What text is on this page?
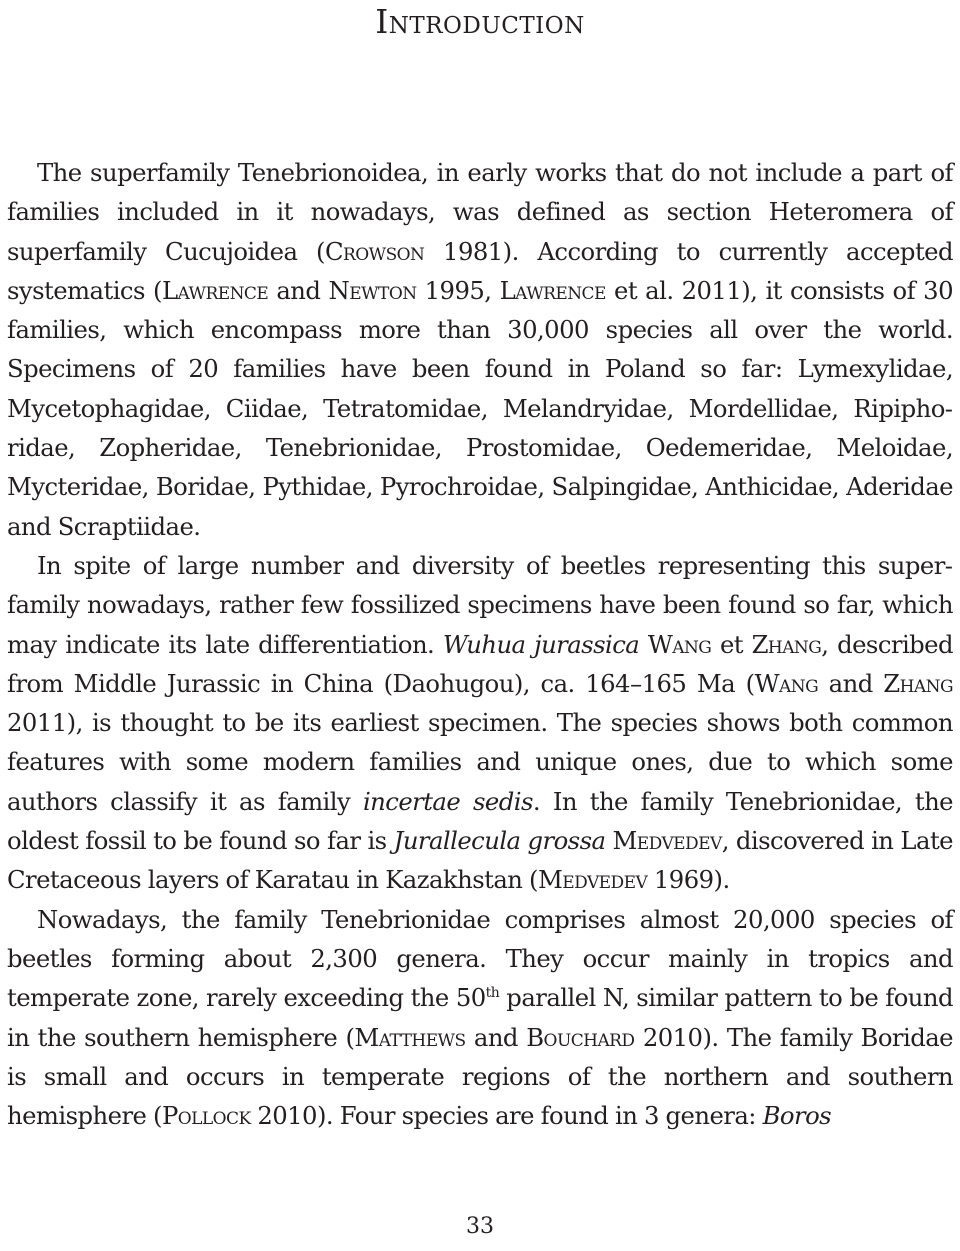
Introduction

The superfamily Tenebrionoidea, in early works that do not include a part of families included in it nowadays, was defined as section Heteromera of superfamily Cucujoidea (Crowson 1981). According to currently accepted systematics (Lawrence and Newton 1995, Lawrence et al. 2011), it consists of 30 families, which encompass more than 30,000 species all over the world. Specimens of 20 families have been found in Poland so far: Lymexylidae, Mycetophagidae, Ciidae, Tetratomidae, Melandryidae, Mordellidae, Ripiphoridae, Zopheridae, Tenebrionidae, Prostomidae, Oedemeridae, Meloidae, Mycteridae, Boridae, Pythidae, Pyrochroidae, Salpingidae, Anthicidae, Aderidae and Scraptiidae.

In spite of large number and diversity of beetles representing this superfamily nowadays, rather few fossilized specimens have been found so far, which may indicate its late differentiation. Wuhua jurassica Wang et Zhang, described from Middle Jurassic in China (Daohugou), ca. 164–165 Ma (Wang and Zhang 2011), is thought to be its earliest specimen. The species shows both common features with some modern families and unique ones, due to which some authors classify it as family incertae sedis. In the family Tenebrionidae, the oldest fossil to be found so far is Jurallecula grossa Medvedev, discovered in Late Cretaceous layers of Karatau in Kazakhstan (Medvedev 1969).

Nowadays, the family Tenebrionidae comprises almost 20,000 species of beetles forming about 2,300 genera. They occur mainly in tropics and temperate zone, rarely exceeding the 50th parallel N, similar pattern to be found in the southern hemisphere (Matthews and Bouchard 2010). The family Boridae is small and occurs in temperate regions of the northern and southern hemisphere (Pollock 2010). Four species are found in 3 genera: Boros

33
